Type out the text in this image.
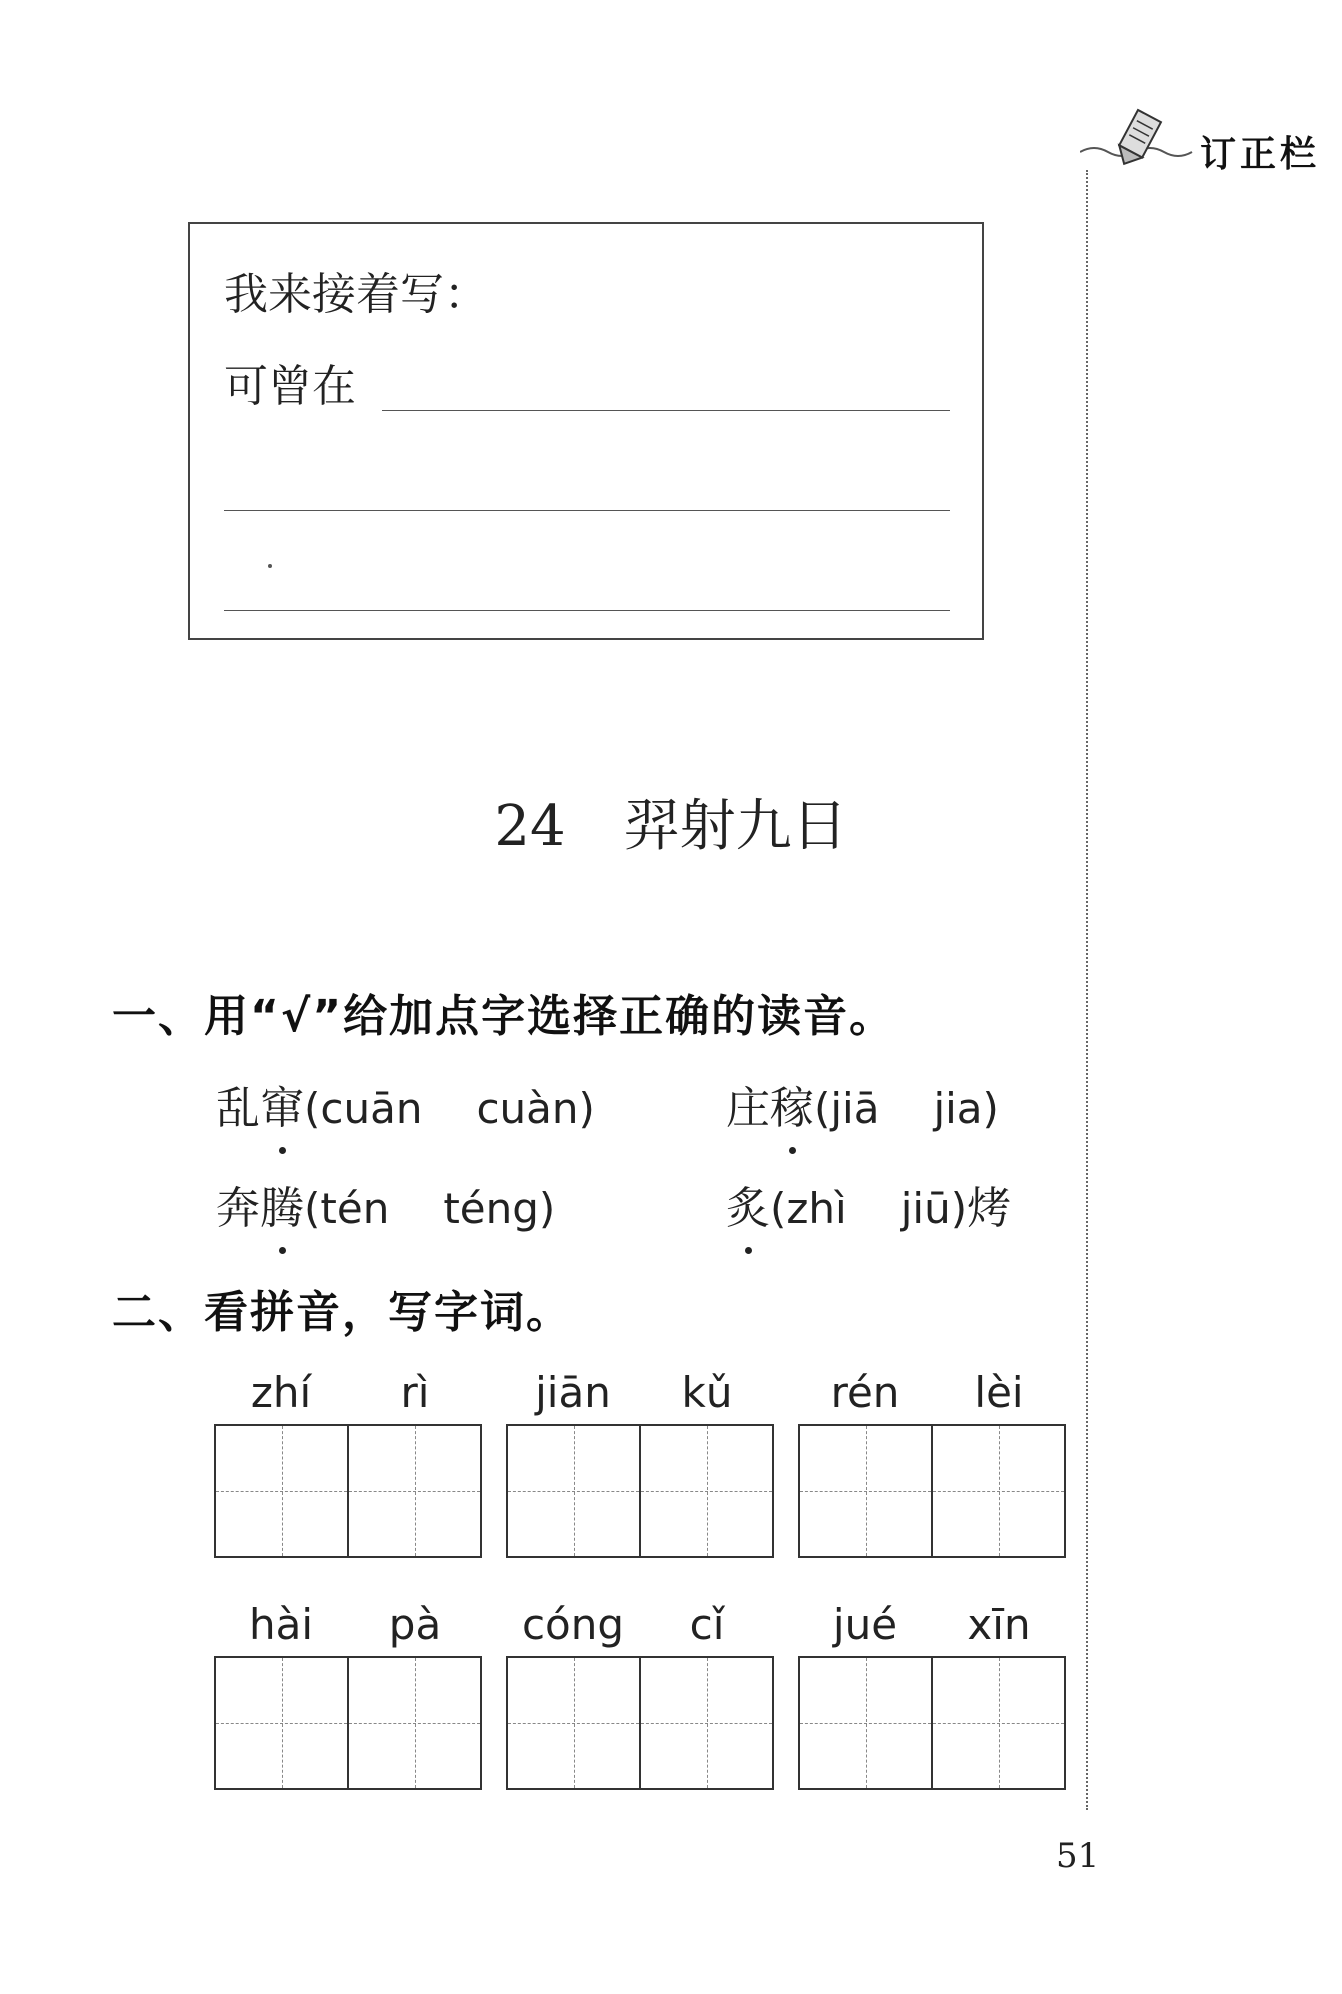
订正栏
我来接着写：
可曾在
24 羿射九日
一、用“√”给加点字选择正确的读音。
乱窜(cuān cuàn)	庄稼(jiā jia)
奔腾(tén téng)	炙(zhì jiū)烤
二、看拼音，写字词。
zhí	rì	jiān	kǔ	rén	lèi
hài	pà	cóng	cǐ	jué	xīn
51
